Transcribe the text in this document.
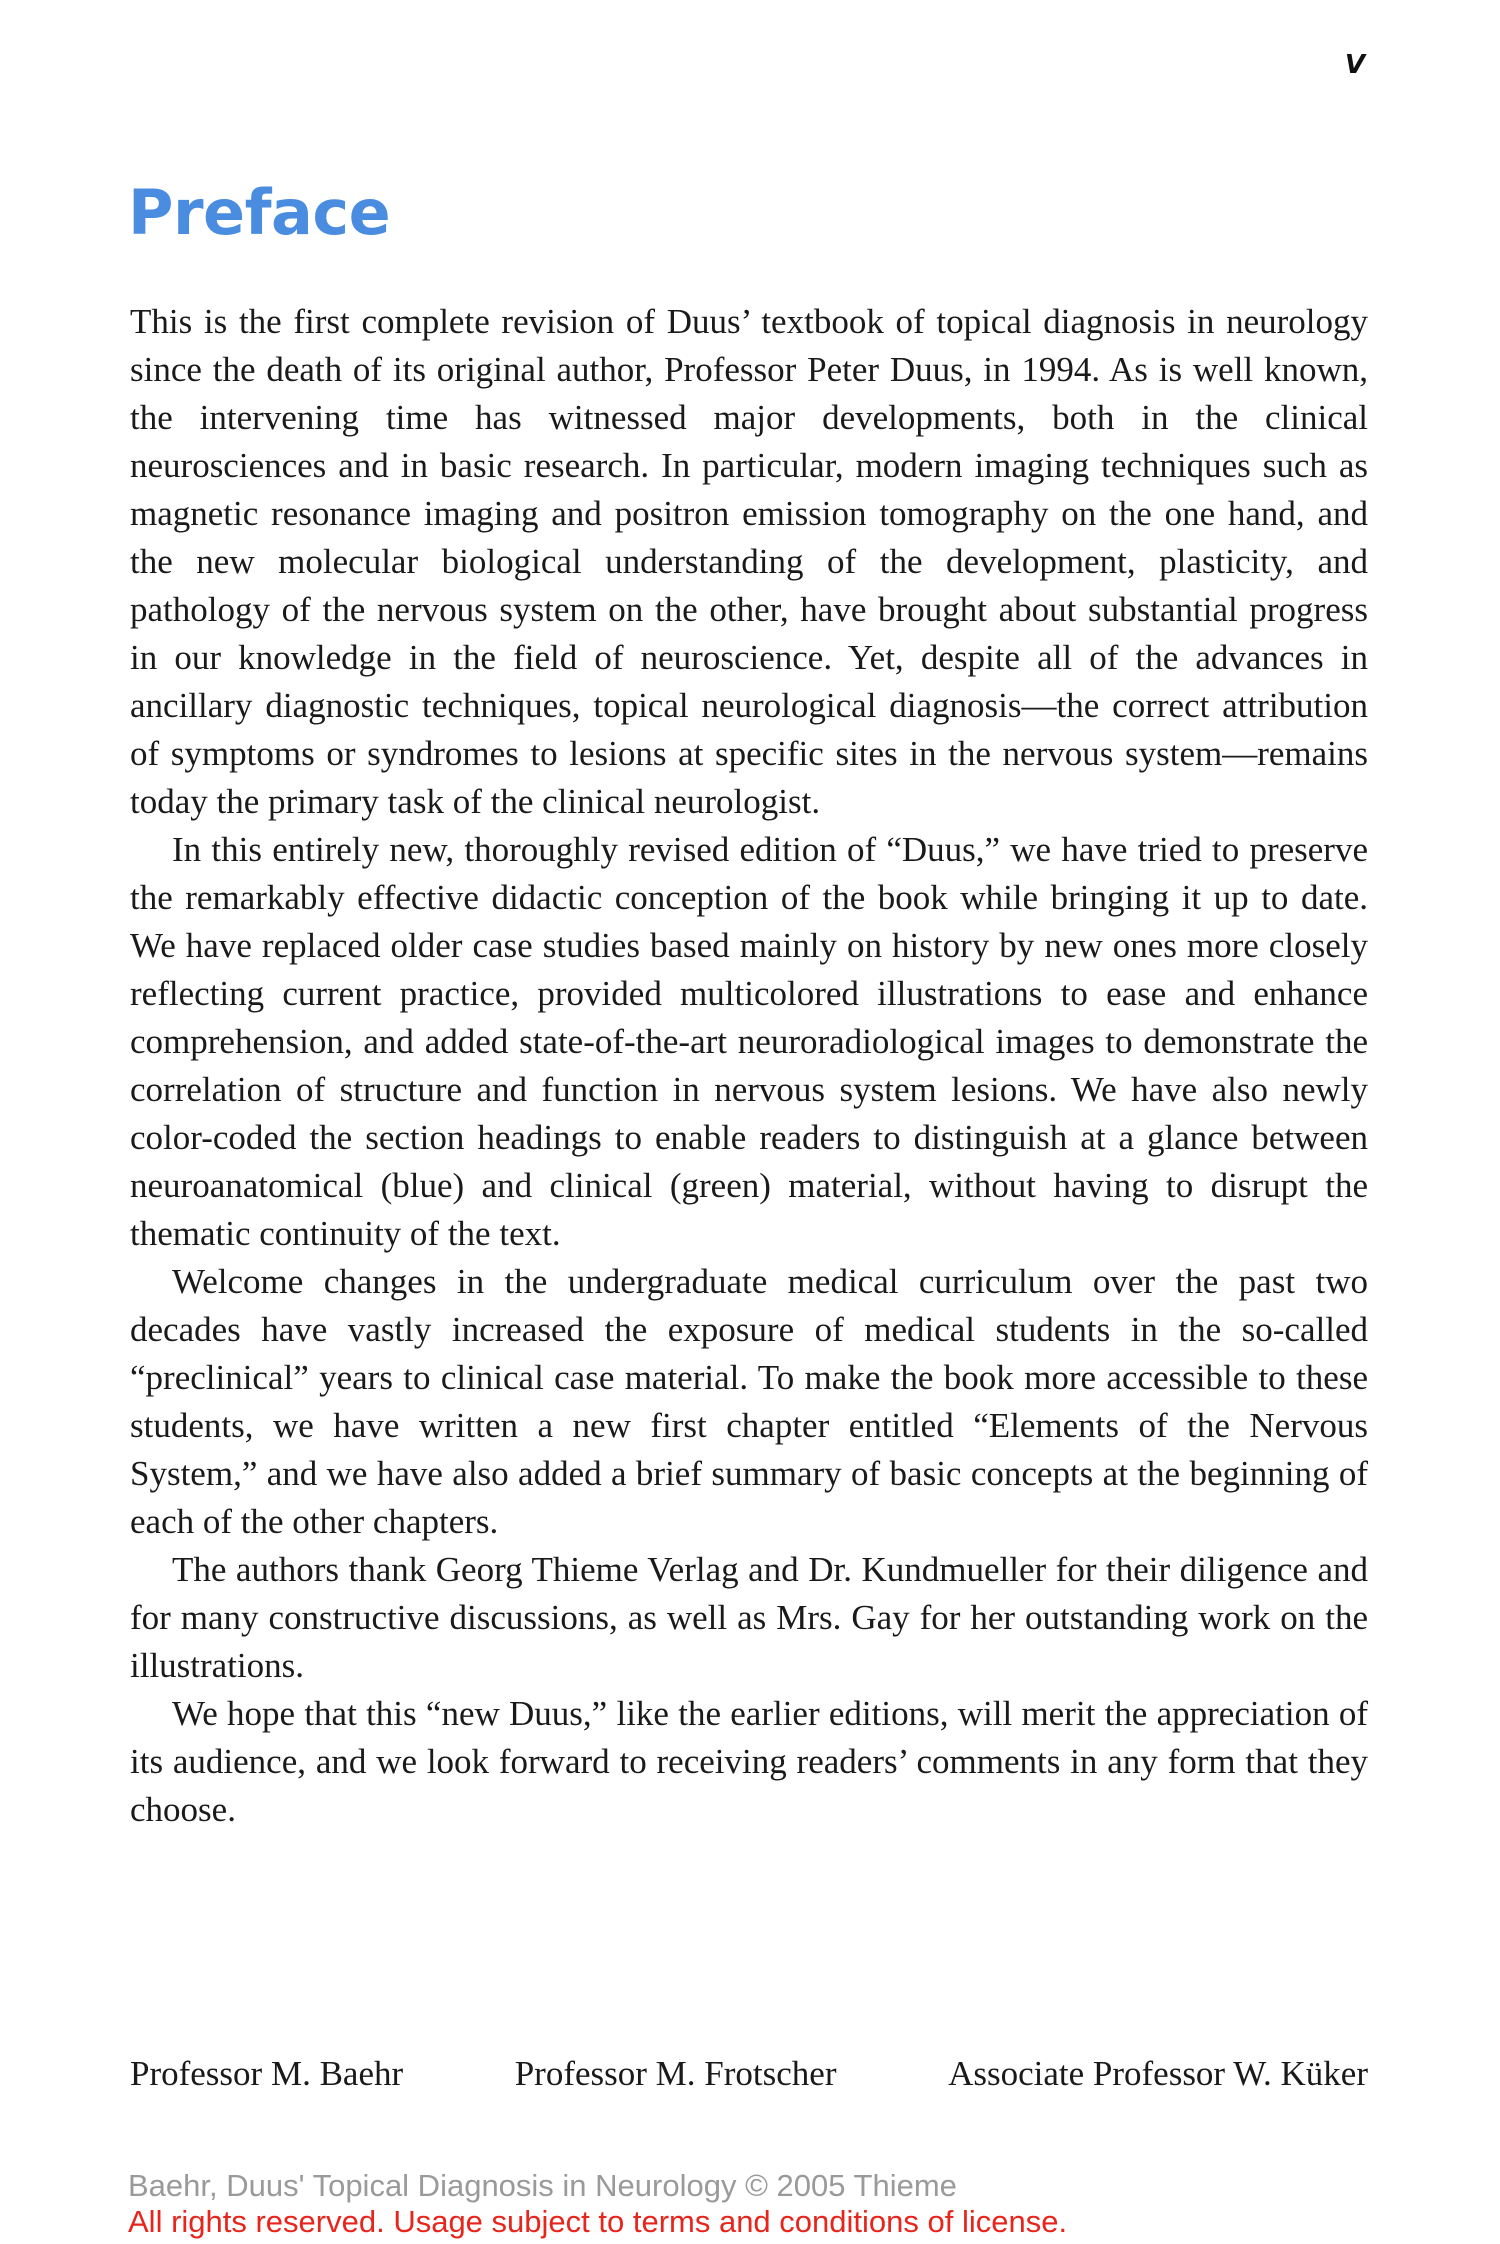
V
Preface

This is the first complete revision of Duus’ textbook of topical diagnosis in neurology since the death of its original author, Professor Peter Duus, in 1994. As is well known, the intervening time has witnessed major developments, both in the clinical neurosciences and in basic research. In particular, modern imaging techniques such as magnetic resonance imaging and positron emission tomography on the one hand, and the new molecular biological understanding of the development, plasticity, and pathology of the nervous system on the other, have brought about substantial progress in our knowledge in the field of neuroscience. Yet, despite all of the advances in ancillary diagnostic techniques, topical neurological diagnosis—the correct attribution of symptoms or syndromes to lesions at specific sites in the nervous system—remains today the primary task of the clinical neurologist.

In this entirely new, thoroughly revised edition of “Duus,” we have tried to preserve the remarkably effective didactic conception of the book while bringing it up to date. We have replaced older case studies based mainly on history by new ones more closely reflecting current practice, provided multicolored illustrations to ease and enhance comprehension, and added state-of-the-art neuroradiological images to demonstrate the correlation of structure and function in nervous system lesions. We have also newly color-coded the section headings to enable readers to distinguish at a glance between neuroanatomical (blue) and clinical (green) material, without having to disrupt the thematic continuity of the text.

Welcome changes in the undergraduate medical curriculum over the past two decades have vastly increased the exposure of medical students in the so-called “preclinical” years to clinical case material. To make the book more accessible to these students, we have written a new first chapter entitled “Elements of the Nervous System,” and we have also added a brief summary of basic concepts at the beginning of each of the other chapters.

The authors thank Georg Thieme Verlag and Dr. Kundmueller for their diligence and for many constructive discussions, as well as Mrs. Gay for her outstanding work on the illustrations.

We hope that this “new Duus,” like the earlier editions, will merit the appreciation of its audience, and we look forward to receiving readers’ comments in any form that they choose.

Professor M. Baehr	Professor M. Frotscher	Associate Professor W. Küker
Baehr, Duus' Topical Diagnosis in Neurology © 2005 Thieme
All rights reserved. Usage subject to terms and conditions of license.
